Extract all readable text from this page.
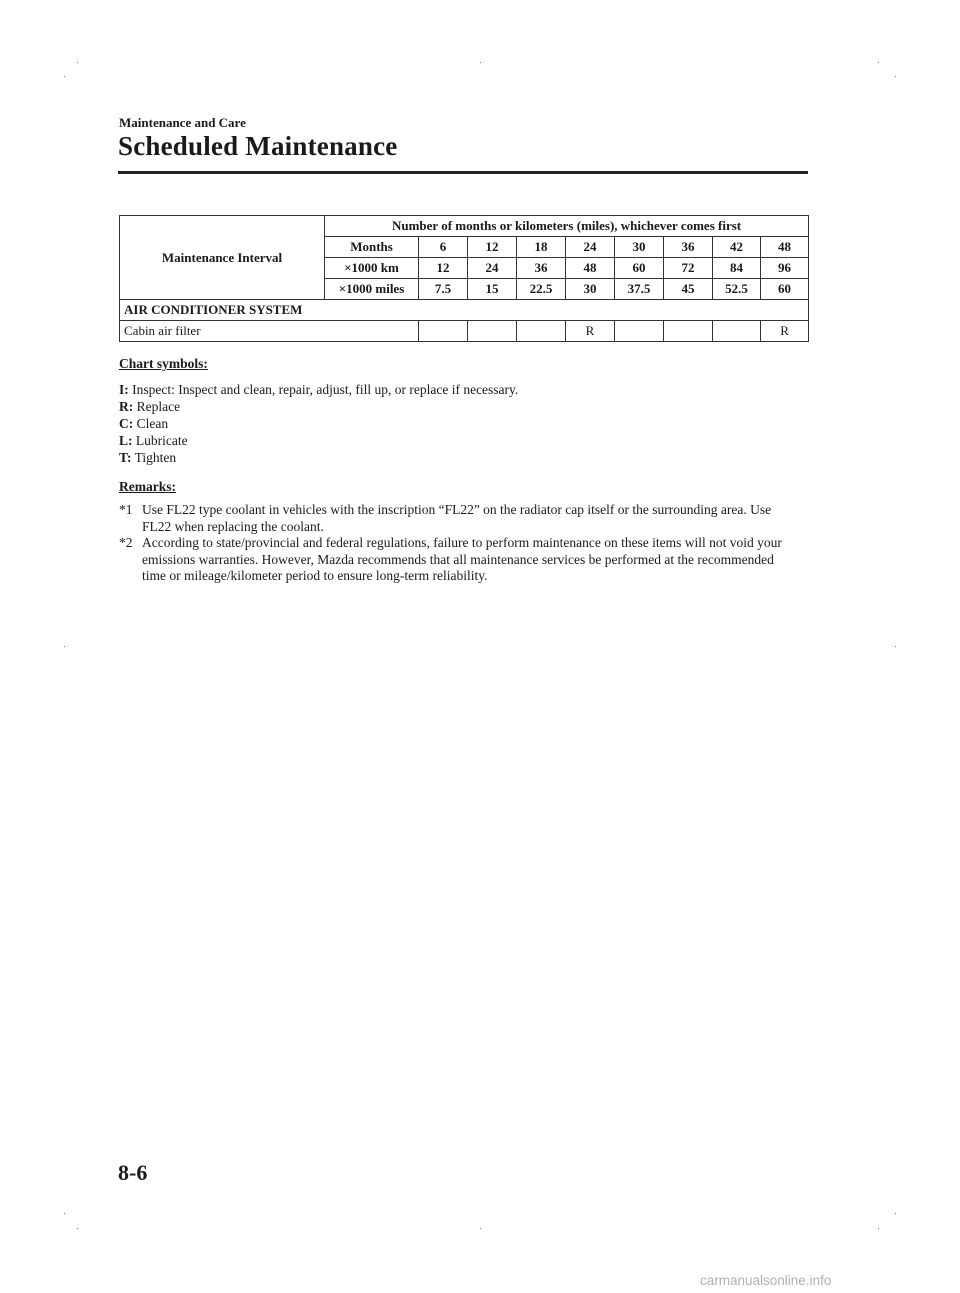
Maintenance and Care
Scheduled Maintenance
Maintenance Interval	Number of months or kilometers (miles), whichever comes first								
	Months	6	12	18	24	30	36	42	48
	×1000 km	12	24	36	48	60	72	84	96
	×1000 miles	7.5	15	22.5	30	37.5	45	52.5	60
AIR CONDITIONER SYSTEM									
Cabin air filter					R				R
Chart symbols:
I: Inspect: Inspect and clean, repair, adjust, fill up, or replace if necessary.
R: Replace
C: Clean
L: Lubricate
T: Tighten
Remarks:
*1 Use FL22 type coolant in vehicles with the inscription “FL22” on the radiator cap itself or the surrounding area. Use FL22 when replacing the coolant.
*2 According to state/provincial and federal regulations, failure to perform maintenance on these items will not void your emissions warranties. However, Mazda recommends that all maintenance services be performed at the recommended time or mileage/kilometer period to ensure long-term reliability.
8-6
carmanualsonline.info
